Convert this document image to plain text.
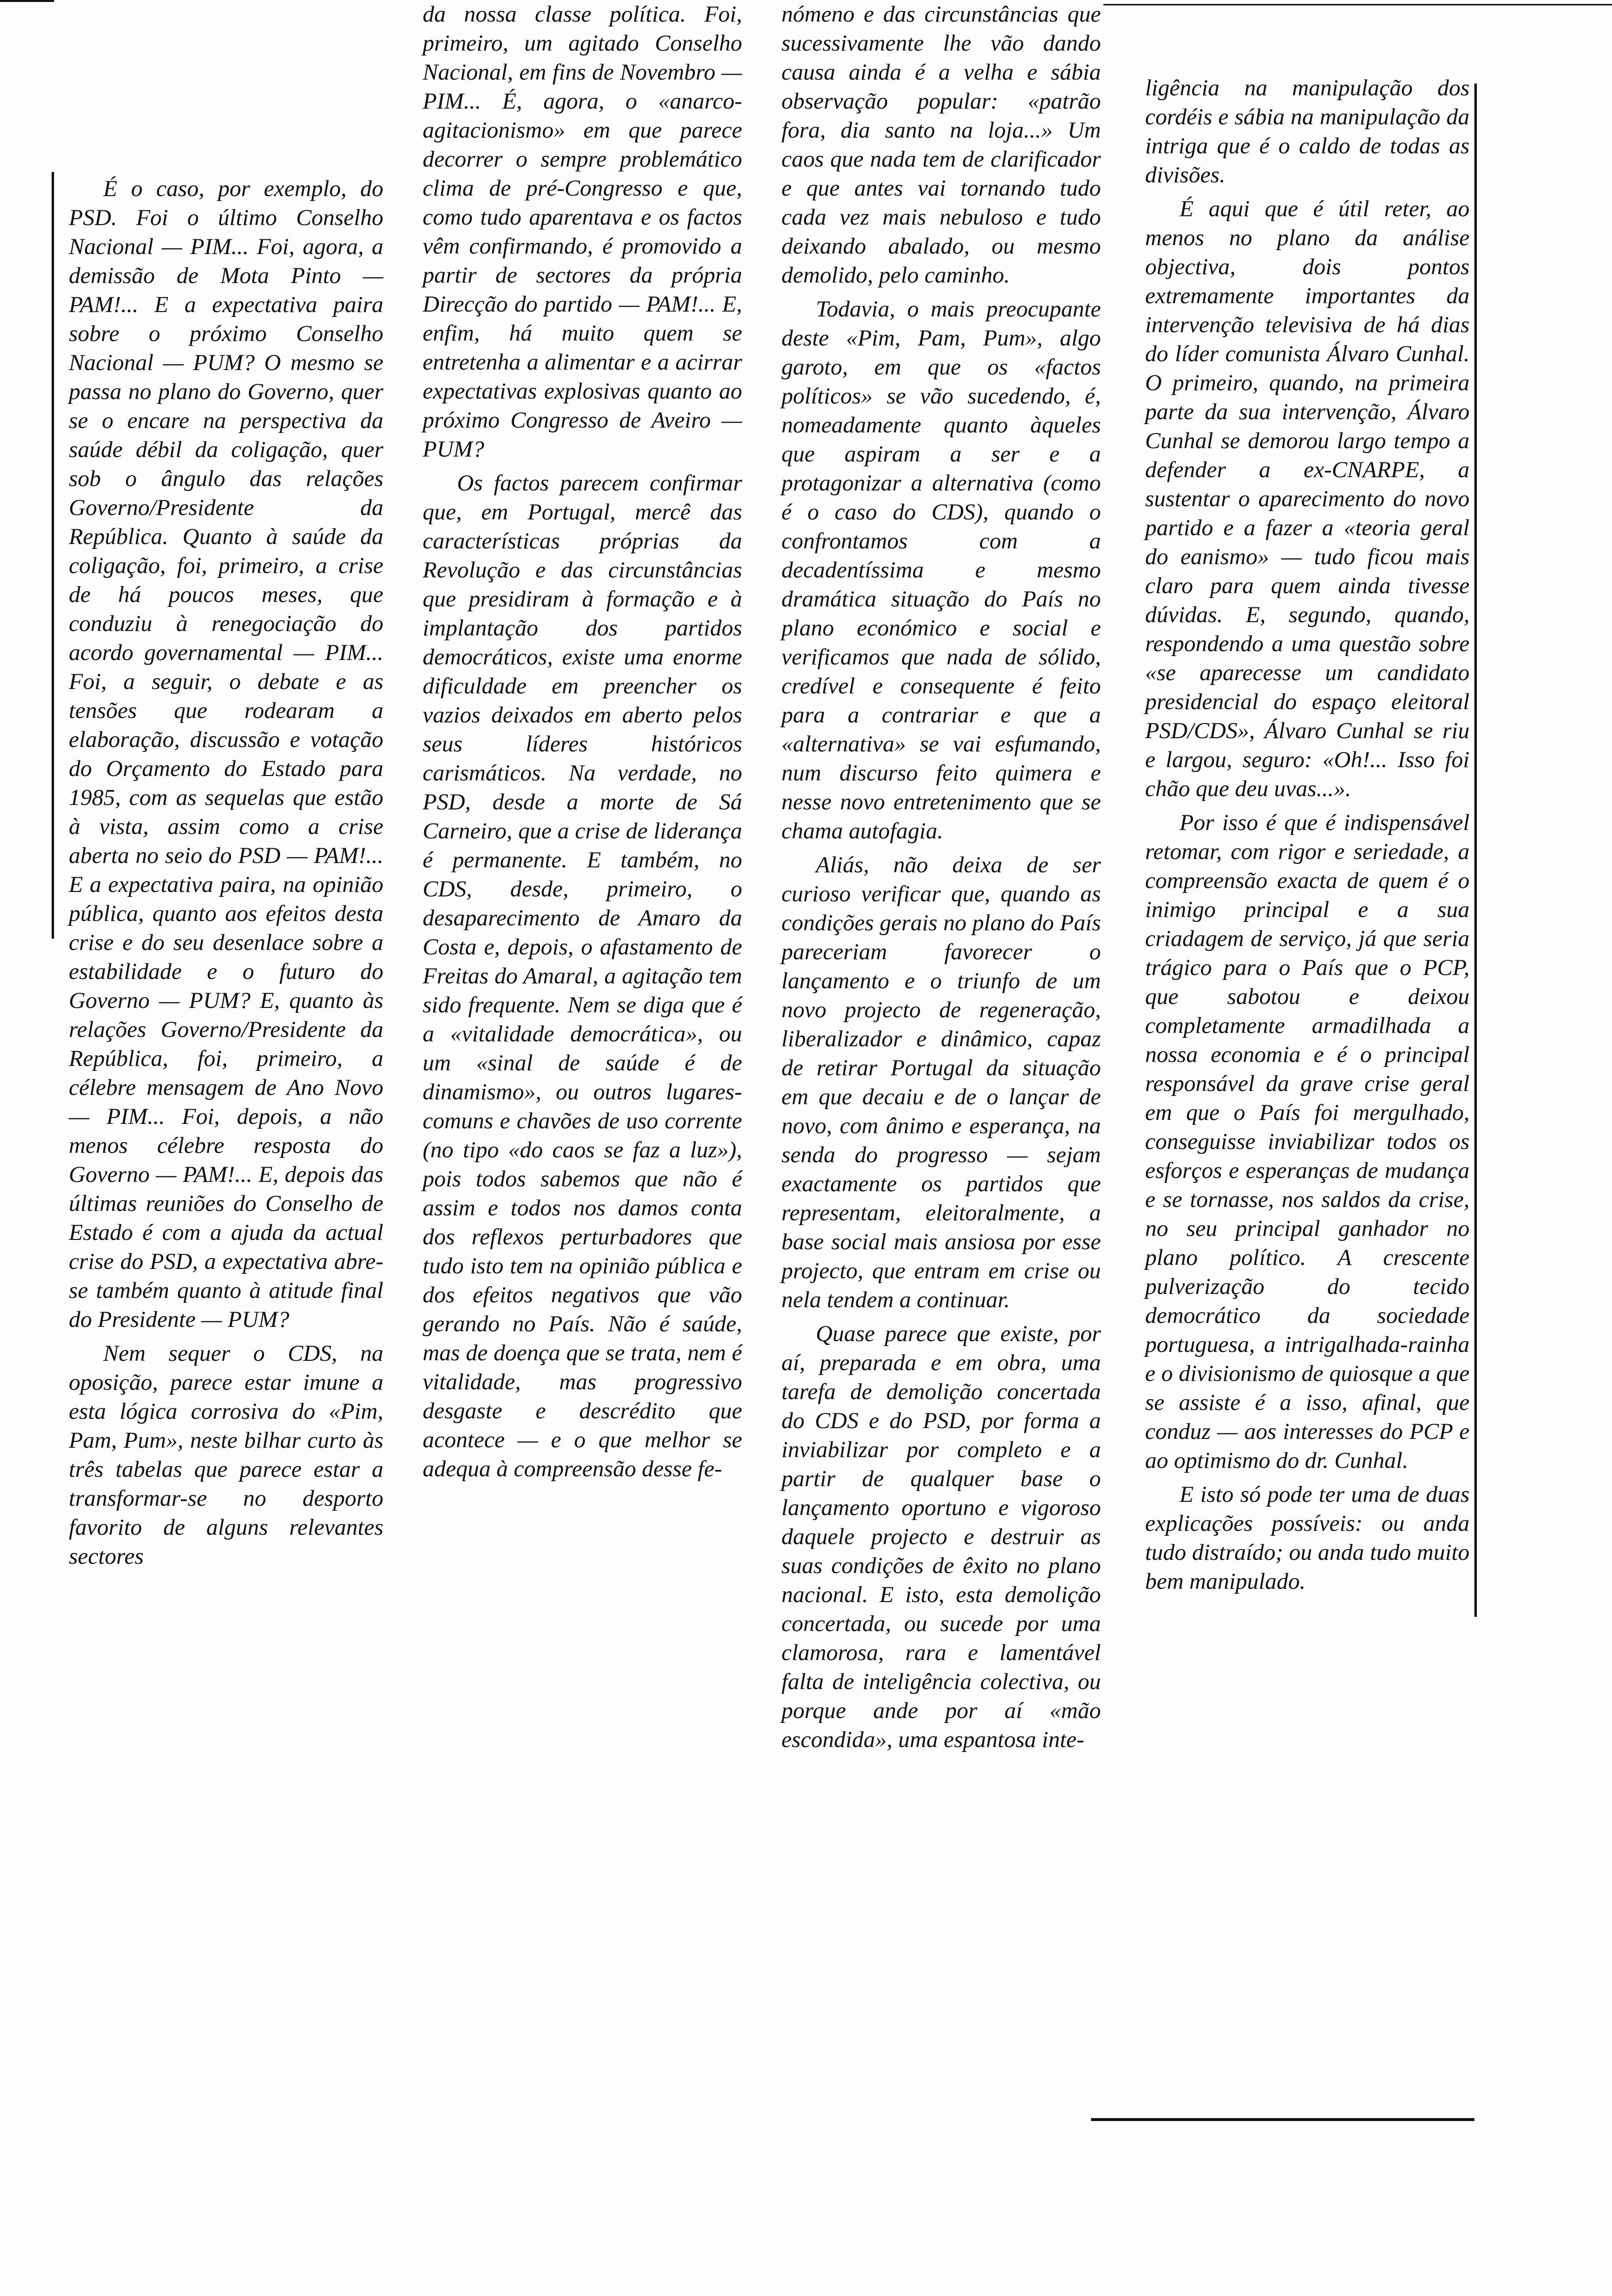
É o caso, por exemplo, do PSD. Foi o último Conselho Nacional — PIM... Foi, agora, a demissão de Mota Pinto — PAM!... E a expectativa paira sobre o próximo Conselho Nacional — PUM? O mesmo se passa no plano do Governo, quer se o encare na perspectiva da saúde débil da coligação, quer sob o ângulo das relações Governo/Presidente da República. Quanto à saúde da coligação, foi, primeiro, a crise de há poucos meses, que conduziu à renegociação do acordo governamental — PIM... Foi, a seguir, o debate e as tensões que rodearam a elaboração, discussão e votação do Orçamento do Estado para 1985, com as sequelas que estão à vista, assim como a crise aberta no seio do PSD — PAM!... E a expectativa paira, na opinião pública, quanto aos efeitos desta crise e do seu desenlace sobre a estabilidade e o futuro do Governo — PUM? E, quanto às relações Governo/Presidente da República, foi, primeiro, a célebre mensagem de Ano Novo — PIM... Foi, depois, a não menos célebre resposta do Governo — PAM!... E, depois das últimas reuniões do Conselho de Estado é com a ajuda da actual crise do PSD, a expectativa abre-se também quanto à atitude final do Presidente — PUM?

Nem sequer o CDS, na oposição, parece estar imune a esta lógica corrosiva do «Pim, Pam, Pum», neste bilhar curto às três tabelas que parece estar a transformar-se no desporto favorito de alguns relevantes sectores

da nossa classe política. Foi, primeiro, um agitado Conselho Nacional, em fins de Novembro — PIM... É, agora, o «anarco-agitacionismo» em que parece decorrer o sempre problemático clima de pré-Congresso e que, como tudo aparentava e os factos vêm confirmando, é promovido a partir de sectores da própria Direcção do partido — PAM!... E, enfim, há muito quem se entretenha a alimentar e a acirrar expectativas explosivas quanto ao próximo Congresso de Aveiro — PUM?

Os factos parecem confirmar que, em Portugal, mercê das características próprias da Revolução e das circunstâncias que presidiram à formação e à implantação dos partidos democráticos, existe uma enorme dificuldade em preencher os vazios deixados em aberto pelos seus líderes históricos carismáticos. Na verdade, no PSD, desde a morte de Sá Carneiro, que a crise de liderança é permanente. E também, no CDS, desde, primeiro, o desaparecimento de Amaro da Costa e, depois, o afastamento de Freitas do Amaral, a agitação tem sido frequente. Nem se diga que é a «vitalidade democrática», ou um «sinal de saúde é de dinamismo», ou outros lugares-comuns e chavões de uso corrente (no tipo «do caos se faz a luz»), pois todos sabemos que não é assim e todos nos damos conta dos reflexos perturbadores que tudo isto tem na opinião pública e dos efeitos negativos que vão gerando no País. Não é saúde, mas de doença que se trata, nem é vitalidade, mas progressivo desgaste e descrédito que acontece — e o que melhor se adequa à compreensão desse fe-

nómeno e das circunstâncias que sucessivamente lhe vão dando causa ainda é a velha e sábia observação popular: «patrão fora, dia santo na loja...» Um caos que nada tem de clarificador e que antes vai tornando tudo cada vez mais nebuloso e tudo deixando abalado, ou mesmo demolido, pelo caminho.

Todavia, o mais preocupante deste «Pim, Pam, Pum», algo garoto, em que os «factos políticos» se vão sucedendo, é, nomeadamente quanto àqueles que aspiram a ser e a protagonizar a alternativa (como é o caso do CDS), quando o confrontamos com a decadentíssima e mesmo dramática situação do País no plano económico e social e verificamos que nada de sólido, credível e consequente é feito para a contrariar e que a «alternativa» se vai esfumando, num discurso feito quimera e nesse novo entretenimento que se chama autofagia.

Aliás, não deixa de ser curioso verificar que, quando as condições gerais no plano do País pareceriam favorecer o lançamento e o triunfo de um novo projecto de regeneração, liberalizador e dinâmico, capaz de retirar Portugal da situação em que decaiu e de o lançar de novo, com ânimo e esperança, na senda do progresso — sejam exactamente os partidos que representam, eleitoralmente, a base social mais ansiosa por esse projecto, que entram em crise ou nela tendem a continuar.

Quase parece que existe, por aí, preparada e em obra, uma tarefa de demolição concertada do CDS e do PSD, por forma a inviabilizar por completo e a partir de qualquer base o lançamento oportuno e vigoroso daquele projecto e destruir as suas condições de êxito no plano nacional. E isto, esta demolição concertada, ou sucede por uma clamorosa, rara e lamentável falta de inteligência colectiva, ou porque ande por aí «mão escondida», uma espantosa inte-

ligência na manipulação dos cordéis e sábia na manipulação da intriga que é o caldo de todas as divisões.

É aqui que é útil reter, ao menos no plano da análise objectiva, dois pontos extremamente importantes da intervenção televisiva de há dias do líder comunista Álvaro Cunhal. O primeiro, quando, na primeira parte da sua intervenção, Álvaro Cunhal se demorou largo tempo a defender a ex-CNARPE, a sustentar o aparecimento do novo partido e a fazer a «teoria geral do eanismo» — tudo ficou mais claro para quem ainda tivesse dúvidas. E, segundo, quando, respondendo a uma questão sobre «se aparecesse um candidato presidencial do espaço eleitoral PSD/CDS», Álvaro Cunhal se riu e largou, seguro: «Oh!... Isso foi chão que deu uvas...».

Por isso é que é indispensável retomar, com rigor e seriedade, a compreensão exacta de quem é o inimigo principal e a sua criadagem de serviço, já que seria trágico para o País que o PCP, que sabotou e deixou completamente armadilhada a nossa economia e é o principal responsável da grave crise geral em que o País foi mergulhado, conseguisse inviabilizar todos os esforços e esperanças de mudança e se tornasse, nos saldos da crise, no seu principal ganhador no plano político. A crescente pulverização do tecido democrático da sociedade portuguesa, a intrigalhada-rainha e o divisionismo de quiosque a que se assiste é a isso, afinal, que conduz — aos interesses do PCP e ao optimismo do dr. Cunhal.

E isto só pode ter uma de duas explicações possíveis: ou anda tudo distraído; ou anda tudo muito bem manipulado.
